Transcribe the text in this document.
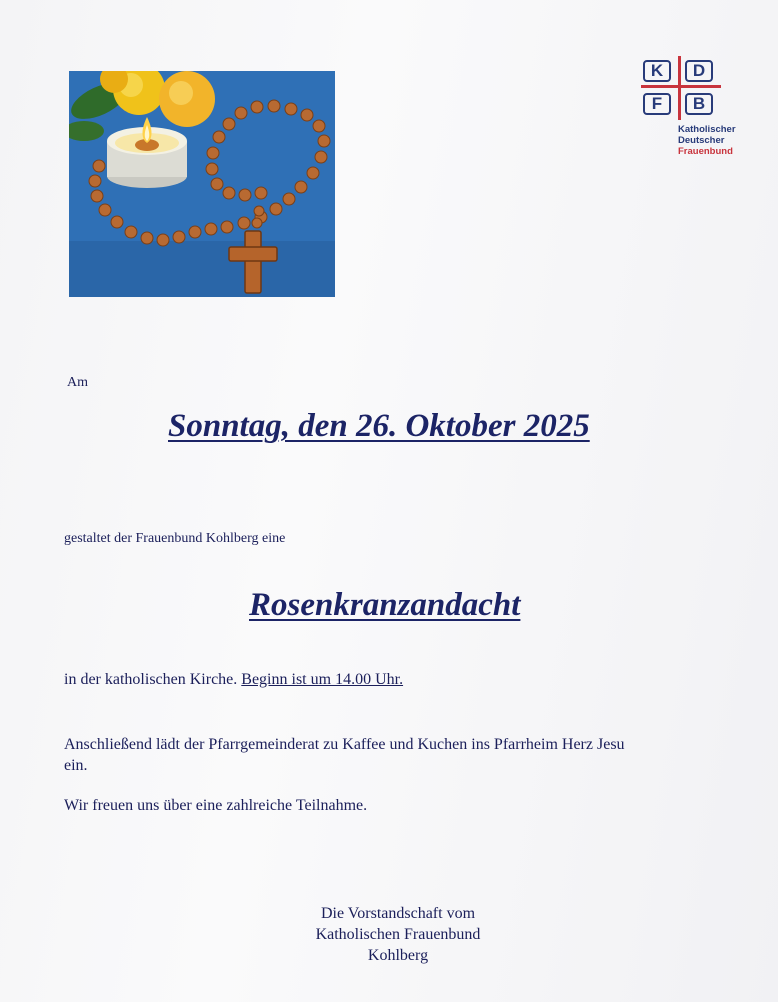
K	D
F	B
Katholischer
Deutscher
Frauenbund
Am
Sonntag, den 26. Oktober 2025
gestaltet der Frauenbund Kohlberg eine
Rosenkranzandacht
in der katholischen Kirche. Beginn ist um 14.00 Uhr.
Anschließend lädt der Pfarrgemeinderat zu Kaffee und Kuchen ins Pfarrheim Herz Jesu
ein.
Wir freuen uns über eine zahlreiche Teilnahme.
Die Vorstandschaft vom
Katholischen Frauenbund
Kohlberg
